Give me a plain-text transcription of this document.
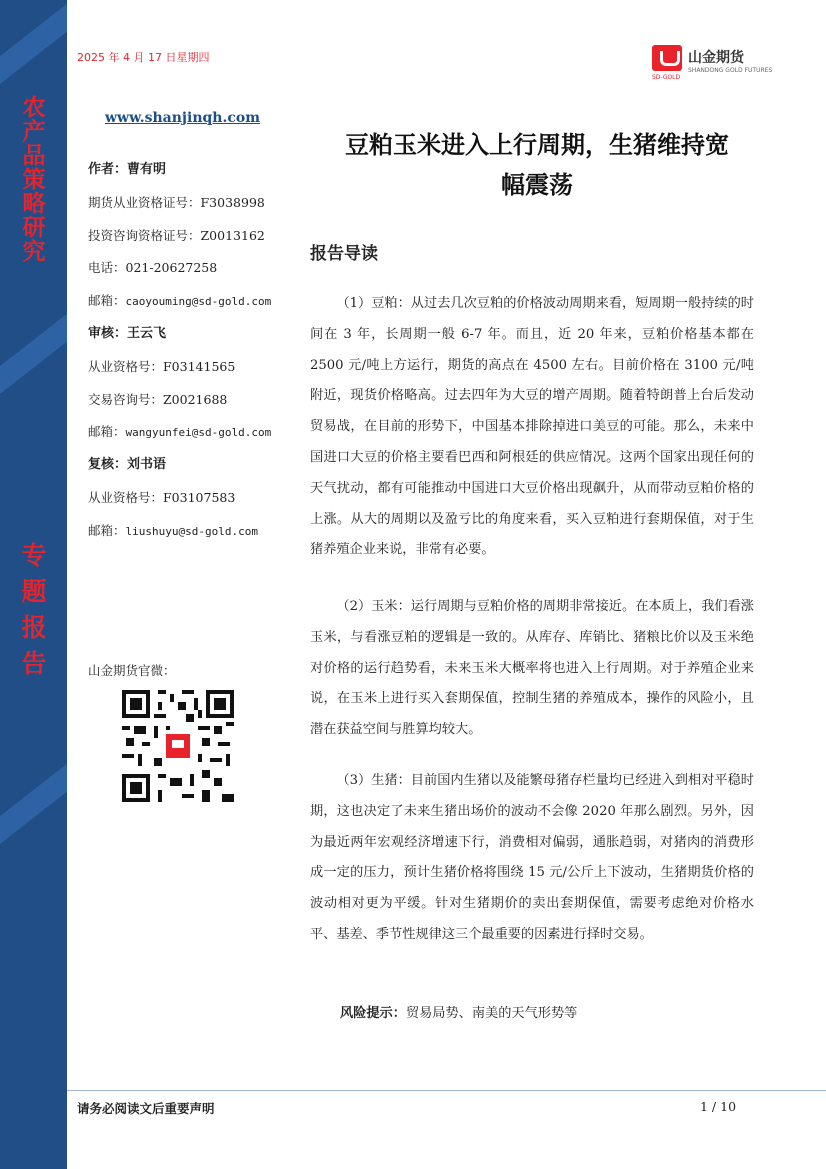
农产品策略研究
专题报告
2025 年 4 月 17 日星期四	山金期货
SHANDONG GOLD FUTURES
SD-GOLD
www.shanjinqh.com
作者：曹有明
期货从业资格证号：F3038998
投资咨询资格证号：Z0013162
电话：021-20627258
邮箱：caoyouming@sd-gold.com
审核：王云飞
从业资格号：F03141565
交易咨询号：Z0021688
邮箱：wangyunfei@sd-gold.com
复核：刘书语
从业资格号：F03107583
邮箱：liushuyu@sd-gold.com
山金期货官微：
豆粕玉米进入上行周期，生猪维持宽
幅震荡
报告导读
（1）豆粕：从过去几次豆粕的价格波动周期来看，短周期一般持续的时间在 3 年，长周期一般 6-7 年。而且，近 20 年来，豆粕价格基本都在 2500 元/吨上方运行，期货的高点在 4500 左右。目前价格在 3100 元/吨附近，现货价格略高。过去四年为大豆的增产周期。随着特朗普上台后发动贸易战，在目前的形势下，中国基本排除掉进口美豆的可能。那么，未来中国进口大豆的价格主要看巴西和阿根廷的供应情况。这两个国家出现任何的天气扰动，都有可能推动中国进口大豆价格出现飙升，从而带动豆粕价格的上涨。从大的周期以及盈亏比的角度来看，买入豆粕进行套期保值，对于生猪养殖企业来说，非常有必要。
（2）玉米：运行周期与豆粕价格的周期非常接近。在本质上，我们看涨玉米，与看涨豆粕的逻辑是一致的。从库存、库销比、猪粮比价以及玉米绝对价格的运行趋势看，未来玉米大概率将也进入上行周期。对于养殖企业来说，在玉米上进行买入套期保值，控制生猪的养殖成本，操作的风险小，且潜在获益空间与胜算均较大。
（3）生猪：目前国内生猪以及能繁母猪存栏量均已经进入到相对平稳时期，这也决定了未来生猪出场价的波动不会像 2020 年那么剧烈。另外，因为最近两年宏观经济增速下行，消费相对偏弱，通胀趋弱，对猪肉的消费形成一定的压力，预计生猪价格将围绕 15 元/公斤上下波动，生猪期货价格的波动相对更为平缓。针对生猪期价的卖出套期保值，需要考虑绝对价格水平、基差、季节性规律这三个最重要的因素进行择时交易。
风险提示：贸易局势、南美的天气形势等
请务必阅读文后重要声明	1 / 10
